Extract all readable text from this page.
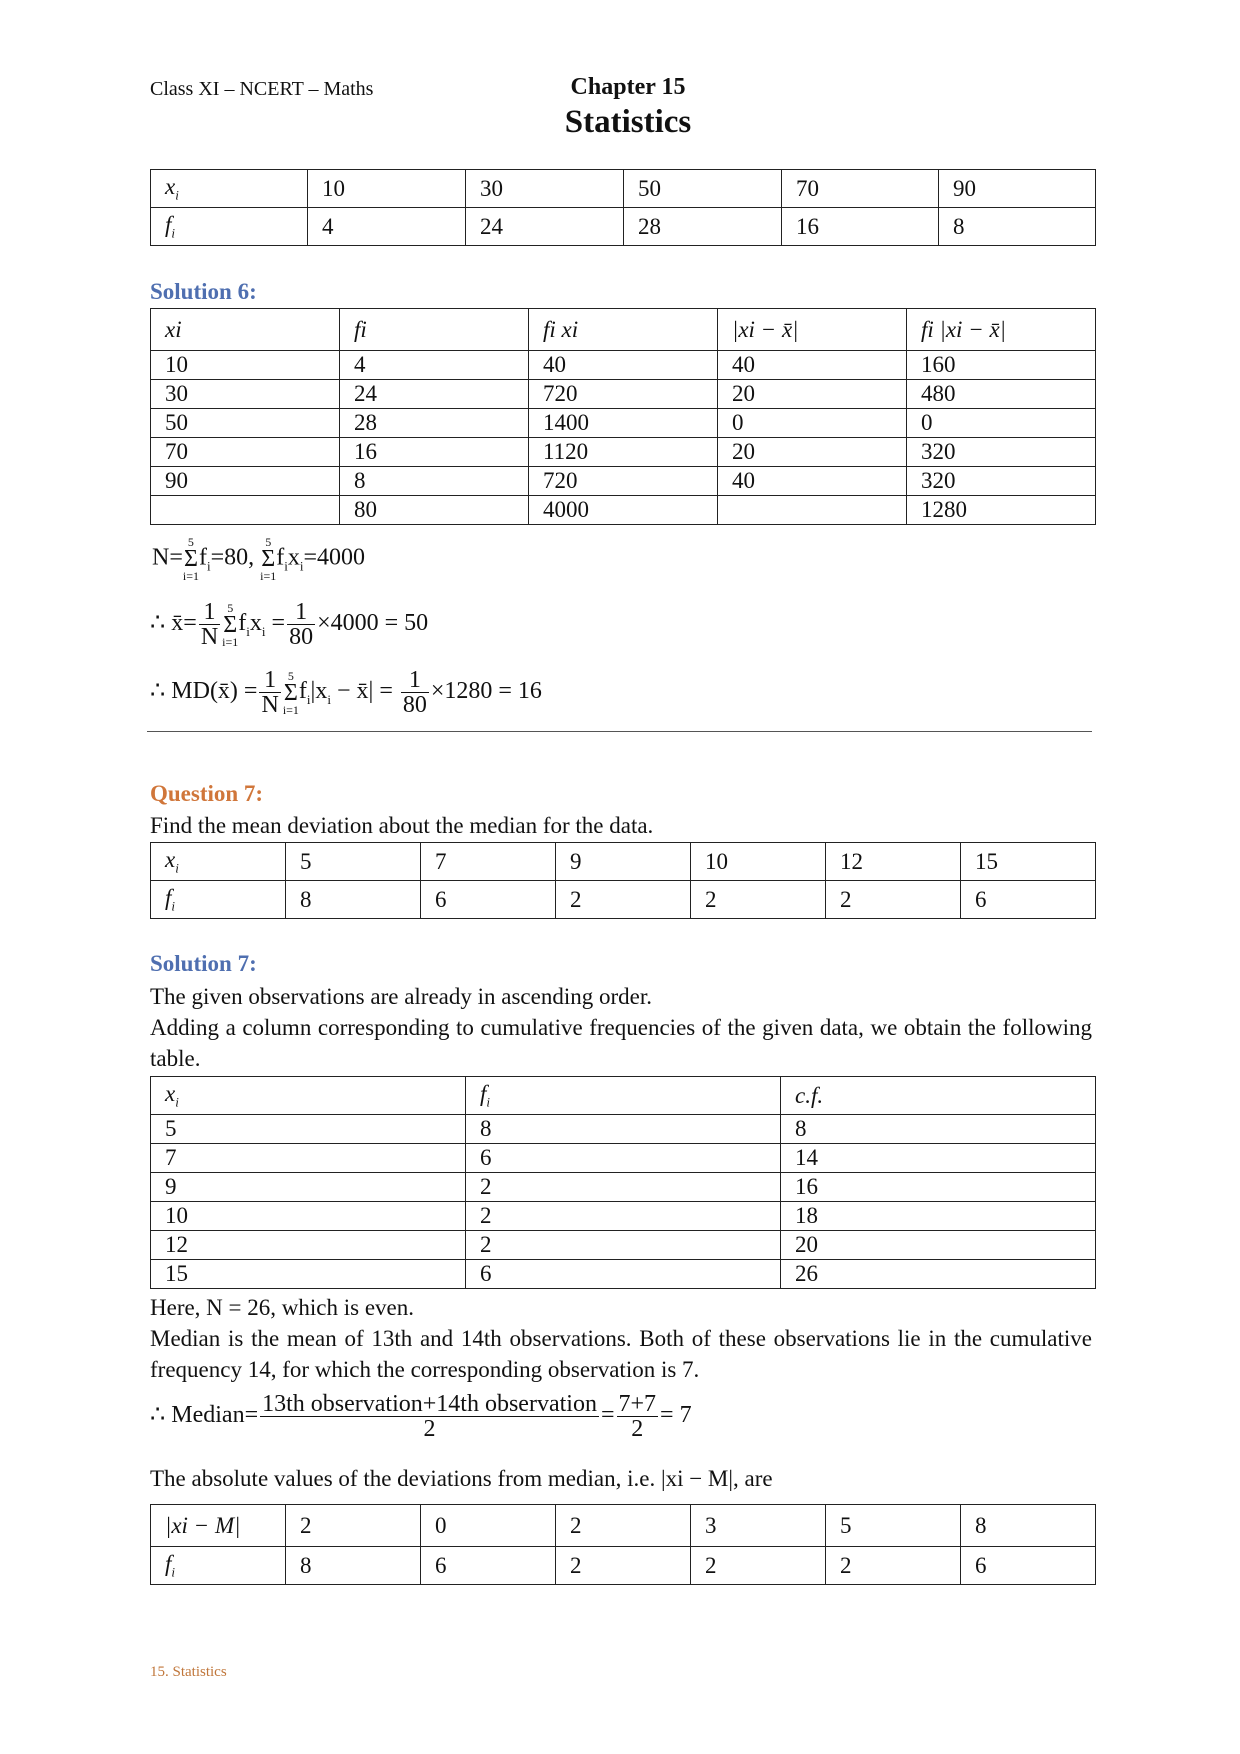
Class XI – NCERT – Maths	Chapter 15
Statistics
$x_i$	10	30	50	70	90
$f_i$	4	24	28	16	8
Solution 6:
xi	fi	fi xi	|xi − x̄|	fi |xi − x̄|
10	4	40	40	160
30	24	720	20	480
50	28	1400	0	0
70	16	1120	20	320
90	8	720	40	320
	80	4000		1280
N=
5
Σ
i=1
$f_i=80$,
5
Σ
i=1
$f_ix_i=4000$
∴ x̄= $\frac{1}{N} 5$
Σ
i=1
$f_ix_i = \frac{1}{80} \times 4000 = 50$
∴ MD(x̄) = $\frac{1}{N} 5$
Σ
i=1
$f_i|x_i$ − x̄| = $\frac{1}{80} \times 1280 = 16$
Question 7:
Find the mean deviation about the median for the data.
$x_i$	5	7	9	10	12	15
$f_i$	8	6	2	2	2	6
Solution 7:
The given observations are already in ascending order.
Adding a column corresponding to cumulative frequencies of the given data, we obtain the following table.
$x_i$	$f_i$	c.f.
5	8	8
7	6	14
9	2	16
10	2	18
12	2	20
15	6	26
Here, N = 26, which is even.
Median is the mean of 13th and 14th observations. Both of these observations lie in the cumulative frequency 14, for which the corresponding observation is 7.
∴ Median= $\frac{\text{13th observation+14th observation}}{2} = \frac{7+7}{2} = 7$
The absolute values of the deviations from median, i.e. |xi − M|, are
|xi − M|	2	0	2	3	5	8
$f_i$	8	6	2	2	2	6
15. Statistics
